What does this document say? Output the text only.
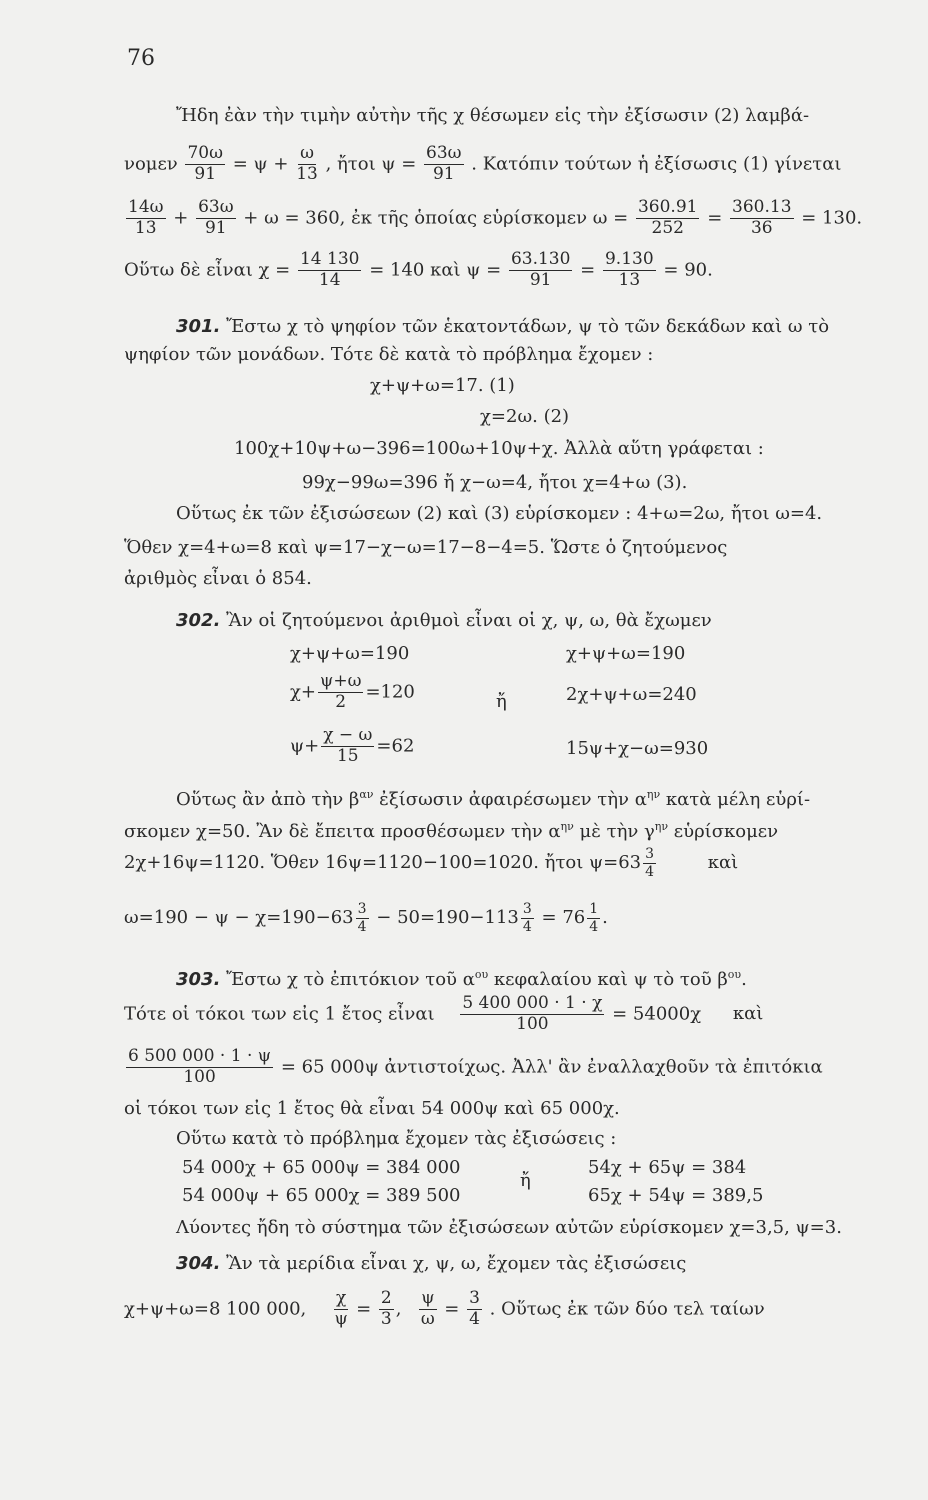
76
Ἤδη ἐὰν τὴν τιμὴν αὐτὴν τῆς χ θέσωμεν εἰς τὴν ἐξίσωσιν (2) λαμβά-
νομεν $\frac{70\omega}{91} = \psi + \frac{\omega}{13}$ , ἤτοι $\psi = \frac{63\omega}{91}$ . Κατόπιν τούτων ἡ ἐξίσωσις (1) γίνεται
$\frac{14\omega}{13} + \frac{63\omega}{91} + \omega = 360$, ἐκ τῆς ὁποίας εὑρίσκομεν $\omega = \frac{360.91}{252} = \frac{360.13}{36} = 130$.
Οὕτω δὲ εἶναι $\chi = \frac{14 130}{14} = 140$ καὶ $\psi = \frac{63.130}{91} = \frac{9.130}{13} = 90$.
301. Ἔστω χ τὸ ψηφίον τῶν ἑκατοντάδων, ψ τὸ τῶν δεκάδων καὶ ω τὸ
ψηφίον τῶν μονάδων. Τότε δὲ κατὰ τὸ πρόβλημα ἔχομεν :
χ+ψ+ω=17. (1)
χ=2ω. (2)
100χ+10ψ+ω−396=100ω+10ψ+χ. Ἀλλὰ αὕτη γράφεται :
99χ−99ω=396 ἤ χ−ω=4, ἤτοι χ=4+ω (3).
Οὕτως ἐκ τῶν ἐξισώσεων (2) καὶ (3) εὑρίσκομεν : 4+ω=2ω, ἤτοι ω=4.
Ὅθεν χ=4+ω=8 καὶ ψ=17−χ−ω=17−8−4=5. Ὥστε ὁ ζητούμενος
ἀριθμὸς εἶναι ὁ 854.
302. Ἂν οἱ ζητούμενοι ἀριθμοὶ εἶναι οἱ χ, ψ, ω, θὰ ἔχωμεν
χ+ψ+ω=190
$\chi+ \frac{\psi+\omega}{2} =120$
$\psi+ \frac{\chi - \omega}{15} =62$
ἤ
χ+ψ+ω=190
2χ+ψ+ω=240
15ψ+χ−ω=930
Οὕτως ἂν ἀπὸ τὴν $\beta^{\alpha\nu}$ ἐξίσωσιν ἀφαιρέσωμεν τὴν $\alpha^{\eta\nu}$ κατὰ μέλη εὑρί-
σκομεν χ=50. Ἂν δὲ ἔπειτα προσθέσωμεν τὴν $\alpha^{\eta\nu}$ μὲ τὴν $\gamma^{\eta\nu}$ εὑρίσκομεν
2χ+16ψ=1120. Ὅθεν 16ψ=1120−100=1020. ἤτοι $\psi=63 \frac{3}{4}$	καὶ
$\omega=190 - \psi - \chi=190-63 \frac{3}{4} - 50=190-113 \frac{3}{4} = 76 \frac{1}{4}$ .
303. Ἔστω χ τὸ ἐπιτόκιον τοῦ $\alpha^{o\upsilon}$ κεφαλαίου καὶ ψ τὸ τοῦ $\beta^{o\upsilon}$.
Τότε οἱ τόκοι των εἰς 1 ἔτος εἶναι $\frac{5 400 000 \cdot 1 \cdot \chi}{100} = 54000\chi$ καὶ
$\frac{6 500 000 \cdot 1 \cdot \psi}{100} = 65$ 000ψ ἀντιστοίχως. Ἀλλ' ἂν ἐναλλαχθοῦν τὰ ἐπιτόκια
οἱ τόκοι των εἰς 1 ἔτος θὰ εἶναι 54 000ψ καὶ 65 000χ.
Οὕτω κατὰ τὸ πρόβλημα ἔχομεν τὰς ἐξισώσεις :
54 000χ + 65 000ψ = 384 000
54 000ψ + 65 000χ = 389 500
ἤ
54χ + 65ψ = 384
65χ + 54ψ = 389,5
Λύοντες ἤδη τὸ σύστημα τῶν ἐξισώσεων αὐτῶν εὑρίσκομεν χ=3,5, ψ=3.
304. Ἂν τὰ μερίδια εἶναι χ, ψ, ω, ἔχομεν τὰς ἐξισώσεις
χ+ψ+ω=8 100 000, $\frac{\chi}{\psi} = \frac{2}{3}$ , $\frac{\psi}{\omega} = \frac{3}{4}$ . Οὕτως ἐκ τῶν δύο τελ ταίων
